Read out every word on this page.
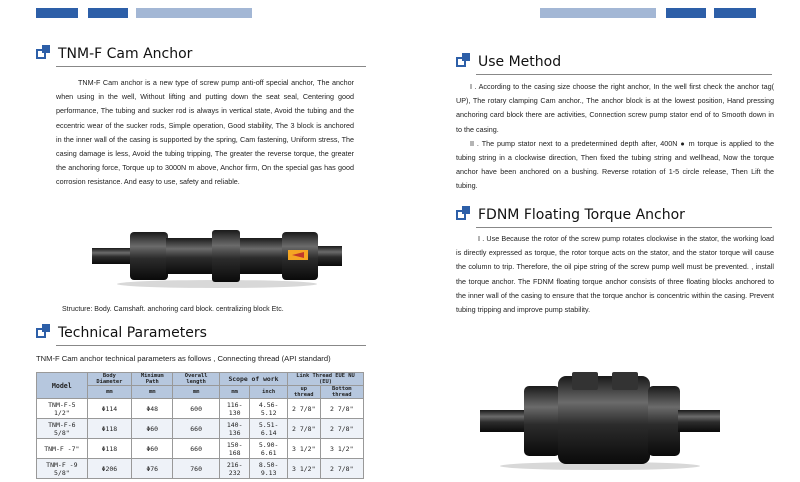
TNM-F Cam Anchor

TNM-F Cam anchor is a new type of screw pump anti-off special anchor, The anchor when using in the well, Without lifting and putting down the seat seal, Centering good performance, The tubing and sucker rod is always in vertical state, Avoid the tubing and the eccentric wear of the sucker rods, Simple operation, Good stability, The 3 block is anchored in the inner wall of the casing is supported by the spring, Cam fastening, Uniform stress, The casing damage is less, Avoid the tubing tripping, The greater the reverse torque, the greater the anchoring force, Torque up to 3000N m above, Anchor firm, On the special gas has good corrosion resistance. And easy to use, safety and reliable.

Structure: Body. Camshaft. anchoring card block. centralizing block Etc.
Technical Parameters
TNM-F Cam anchor technical parameters as follows , Connecting thread (API standard)
Model	Body Diameter	Minimum Path	Overall length	Scope of work		Link Thread EUE NU (EU)	
	mm	mm	mm	mm	inch	up thread	Bottom thread
TNM-F-5 1/2"	Φ114	Φ48	600	116-130	4.56-5.12	2 7/8"	2 7/8"
TNM-F-6 5/8"	Φ118	Φ60	660	140-136	5.51-6.14	2 7/8"	2 7/8"
TNM-F -7"	Φ118	Φ60	660	150-168	5.90-6.61	3 1/2"	3 1/2"
TNM-F -9 5/8"	Φ206	Φ76	760	216-232	8.50-9.13	3 1/2"	2 7/8"
Use Method

I . According to the casing size choose the right anchor, In the well first check the anchor tag( UP), The rotary clamping Cam anchor., The anchor block is at the lowest position, Hand pressing anchoring card block there are activities, Connection screw pump stator end of to Smooth down in to the casing.

II . The pump stator next to a predetermined depth after, 400N ● m torque is applied to the tubing string in a clockwise direction, Then fixed the tubing string and wellhead, Now the torque anchor have been anchored on a bushing. Reverse rotation of 1-5 circle release, Then Lift the tubing.

FDNM Floating Torque Anchor

I . Use Because the rotor of the screw pump rotates clockwise in the stator, the working load is directly expressed as torque, the rotor torque acts on the stator, and the stator torque will cause the column to trip. Therefore, the oil pipe string of the screw pump well must be prevented. , install the torque anchor. The FDNM floating torque anchor consists of three floating blocks anchored to the inner wall of the casing to ensure that the torque anchor is concentric within the casing. Prevent tubing tripping and improve pump stability.
